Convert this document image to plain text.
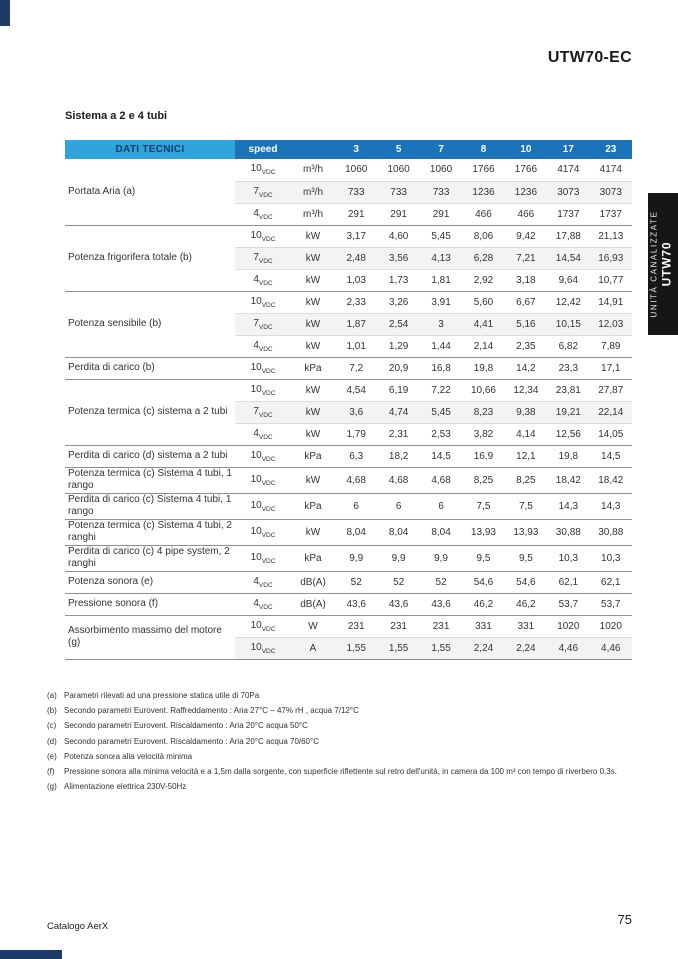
UTW70-EC
UNITÀ CANALIZZATE UTW70
Sistema a 2 e 4 tubi
DATI TECNICI	speed		3	5	7	8	10	17	23
Portata Aria (a)	$10_{VDC}$	m³/h	1060	1060	1060	1766	1766	4174	4174
	$7_{VDC}$	m³/h	733	733	733	1236	1236	3073	3073
	$4_{VDC}$	m³/h	291	291	291	466	466	1737	1737
Potenza frigorifera totale (b)	$10_{VDC}$	kW	3,17	4,60	5,45	8,06	9,42	17,88	21,13
	$7_{VDC}$	kW	2,48	3,56	4,13	6,28	7,21	14,54	16,93
	$4_{VDC}$	kW	1,03	1,73	1,81	2,92	3,18	9,64	10,77
Potenza sensibile (b)	$10_{VDC}$	kW	2,33	3,26	3,91	5,60	6,67	12,42	14,91
	$7_{VDC}$	kW	1,87	2,54	3	4,41	5,16	10,15	12,03
	$4_{VDC}$	kW	1,01	1,29	1,44	2,14	2,35	6,82	7,89
Perdita di carico (b)	$10_{VDC}$	kPa	7,2	20,9	16,8	19,8	14,2	23,3	17,1
Potenza termica (c) sistema a 2 tubi	$10_{VDC}$	kW	4,54	6,19	7,22	10,66	12,34	23,81	27,87
	$7_{VDC}$	kW	3,6	4,74	5,45	8,23	9,38	19,21	22,14
	$4_{VDC}$	kW	1,79	2,31	2,53	3,82	4,14	12,56	14,05
Perdita di carico (d) sistema a 2 tubi	$10_{VDC}$	kPa	6,3	18,2	14,5	16,9	12,1	19,8	14,5
Potenza termica (c) Sistema 4 tubi, 1 rango	$10_{VDC}$	kW	4,68	4,68	4,68	8,25	8,25	18,42	18,42
Perdita di carico (c) Sistema 4 tubi, 1 rango	$10_{VDC}$	kPa	6	6	6	7,5	7,5	14,3	14,3
Potenza termica (c) Sistema 4 tubi, 2 ranghi	$10_{VDC}$	kW	8,04	8,04	8,04	13,93	13,93	30,88	30,88
Perdita di carico (c) 4 pipe system, 2 ranghi	$10_{VDC}$	kPa	9,9	9,9	9,9	9,5	9,5	10,3	10,3
Potenza sonora (e)	$4_{VDC}$	dB(A)	52	52	52	54,6	54,6	62,1	62,1
Pressione sonora (f)	$4_{VDC}$	dB(A)	43,6	43,6	43,6	46,2	46,2	53,7	53,7
Assorbimento massimo del motore (g)	$10_{VDC}$	W	231	231	231	331	331	1020	1020
	$10_{VDC}$	A	1,55	1,55	1,55	2,24	2,24	4,46	4,46
(a) Parametri rilevati ad una pressione statica utile di 70Pa
(b) Secondo parametri Eurovent. Raffreddamento : Aria 27°C – 47% rH , acqua 7/12°C
(c) Secondo parametri Eurovent. Riscaldamento : Aria 20°C acqua 50°C
(d) Secondo parametri Eurovent. Riscaldamento : Aria 20°C acqua 70/60°C
(e) Potenza sonora alla velocità minima
(f)	Pressione sonora alla minima velocità e a 1,5m dalla sorgente, con superficie riflettente sul retro dell'unità, in camera da 100 m³ con tempo di riverbero 0,3s.
(g) Alimentazione elettrica 230V-50Hz
Catalogo AerX	75
